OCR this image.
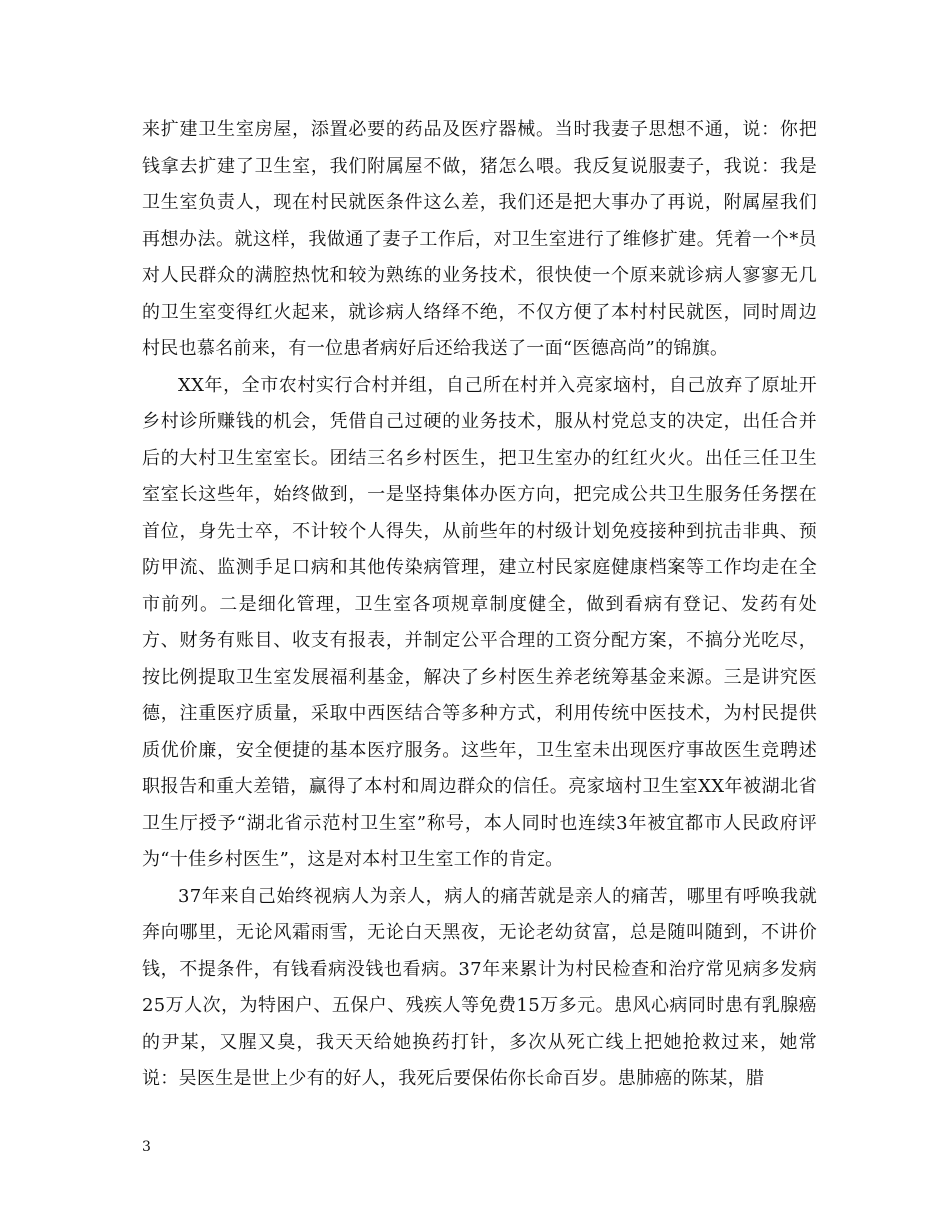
来扩建卫生室房屋，添置必要的药品及医疗器械。当时我妻子思想不通，说：你把钱拿去扩建了卫生室，我们附属屋不做，猪怎么喂。我反复说服妻子，我说：我是卫生室负责人，现在村民就医条件这么差，我们还是把大事办了再说，附属屋我们再想办法。就这样，我做通了妻子工作后，对卫生室进行了维修扩建。凭着一个*员对人民群众的满腔热忱和较为熟练的业务技术，很快使一个原来就诊病人寥寥无几的卫生室变得红火起来，就诊病人络绎不绝，不仅方便了本村村民就医，同时周边村民也慕名前来，有一位患者病好后还给我送了一面“医德高尚”的锦旗。

XX年，全市农村实行合村并组，自己所在村并入亮家垴村，自己放弃了原址开乡村诊所赚钱的机会，凭借自己过硬的业务技术，服从村党总支的决定，出任合并后的大村卫生室室长。团结三名乡村医生，把卫生室办的红红火火。出任三任卫生室室长这些年，始终做到，一是坚持集体办医方向，把完成公共卫生服务任务摆在首位，身先士卒，不计较个人得失，从前些年的村级计划免疫接种到抗击非典、预防甲流、监测手足口病和其他传染病管理，建立村民家庭健康档案等工作均走在全市前列。二是细化管理，卫生室各项规章制度健全，做到看病有登记、发药有处方、财务有账目、收支有报表，并制定公平合理的工资分配方案，不搞分光吃尽，按比例提取卫生室发展福利基金，解决了乡村医生养老统筹基金来源。三是讲究医德，注重医疗质量，采取中西医结合等多种方式，利用传统中医技术，为村民提供质优价廉，安全便捷的基本医疗服务。这些年，卫生室未出现医疗事故医生竞聘述职报告和重大差错，赢得了本村和周边群众的信任。亮家垴村卫生室XX年被湖北省卫生厅授予“湖北省示范村卫生室”称号，本人同时也连续3年被宜都市人民政府评为“十佳乡村医生”，这是对本村卫生室工作的肯定。

37年来自己始终视病人为亲人，病人的痛苦就是亲人的痛苦，哪里有呼唤我就奔向哪里，无论风霜雨雪，无论白天黑夜，无论老幼贫富，总是随叫随到，不讲价钱，不提条件，有钱看病没钱也看病。37年来累计为村民检查和治疗常见病多发病25万人次，为特困户、五保户、残疾人等免费15万多元。患风心病同时患有乳腺癌的尹某，又腥又臭，我天天给她换药打针，多次从死亡线上把她抢救过来，她常说：吴医生是世上少有的好人，我死后要保佑你长命百岁。患肺癌的陈某，腊

3
